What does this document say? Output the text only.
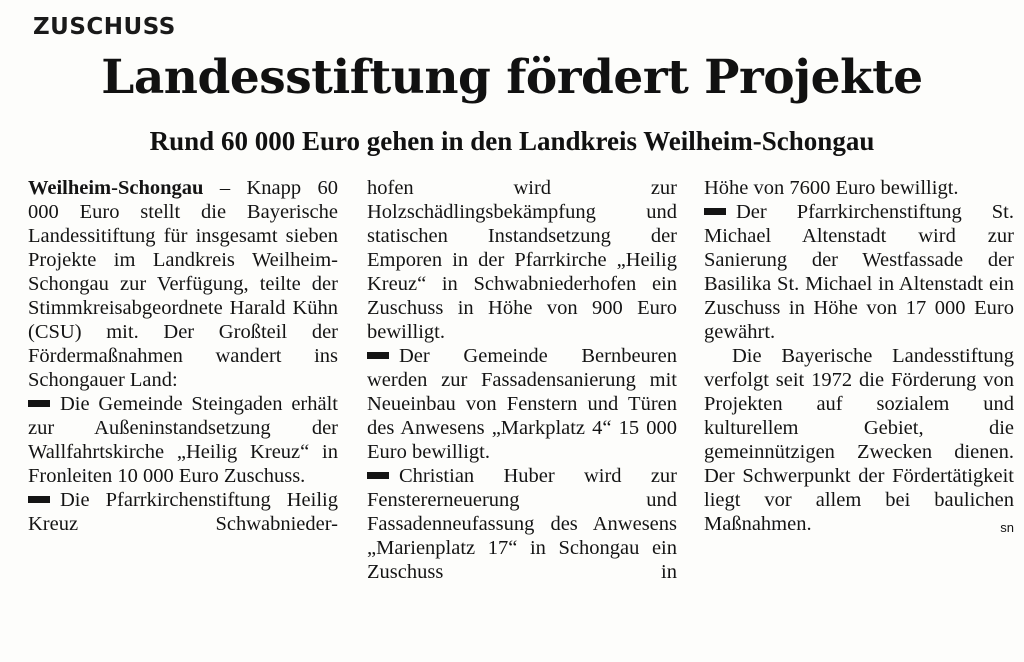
ZUSCHUSS
Landesstiftung fördert Projekte
Rund 60 000 Euro gehen in den Landkreis Weilheim-Schongau

Weilheim-Schongau – Knapp 60 000 Euro stellt die Bayerische Landessitiftung für insgesamt sieben Projekte im Landkreis Weilheim-Schongau zur Verfügung, teilte der Stimmkreisabgeordnete Harald Kühn (CSU) mit. Der Großteil der Fördermaßnahmen wandert ins Schongauer Land:

Die Gemeinde Steingaden erhält zur Außeninstandsetzung der Wallfahrtskirche „Heilig Kreuz“ in Fronleiten 10 000 Euro Zuschuss.

Die Pfarrkirchenstiftung Heilig Kreuz Schwabnieder-

hofen wird zur Holzschädlingsbekämpfung und statischen Instandsetzung der Emporen in der Pfarrkirche „Heilig Kreuz“ in Schwabniederhofen ein Zuschuss in Höhe von 900 Euro bewilligt.

Der Gemeinde Bernbeuren werden zur Fassadensanierung mit Neueinbau von Fenstern und Türen des Anwesens „Markplatz 4“ 15 000 Euro bewilligt.

Christian Huber wird zur Fenstererneuerung und Fassadenneufassung des Anwesens „Marienplatz 17“ in Schongau ein Zuschuss in

Höhe von 7600 Euro bewilligt.

Der Pfarrkirchenstiftung St. Michael Altenstadt wird zur Sanierung der Westfassade der Basilika St. Michael in Altenstadt ein Zuschuss in Höhe von 17 000 Euro gewährt.

Die Bayerische Landesstiftung verfolgt seit 1972 die Förderung von Projekten auf sozialem und kulturellem Gebiet, die gemeinnützigen Zwecken dienen. Der Schwerpunkt der Fördertätigkeit liegt vor allem bei baulichen Maßnahmen.	sn
